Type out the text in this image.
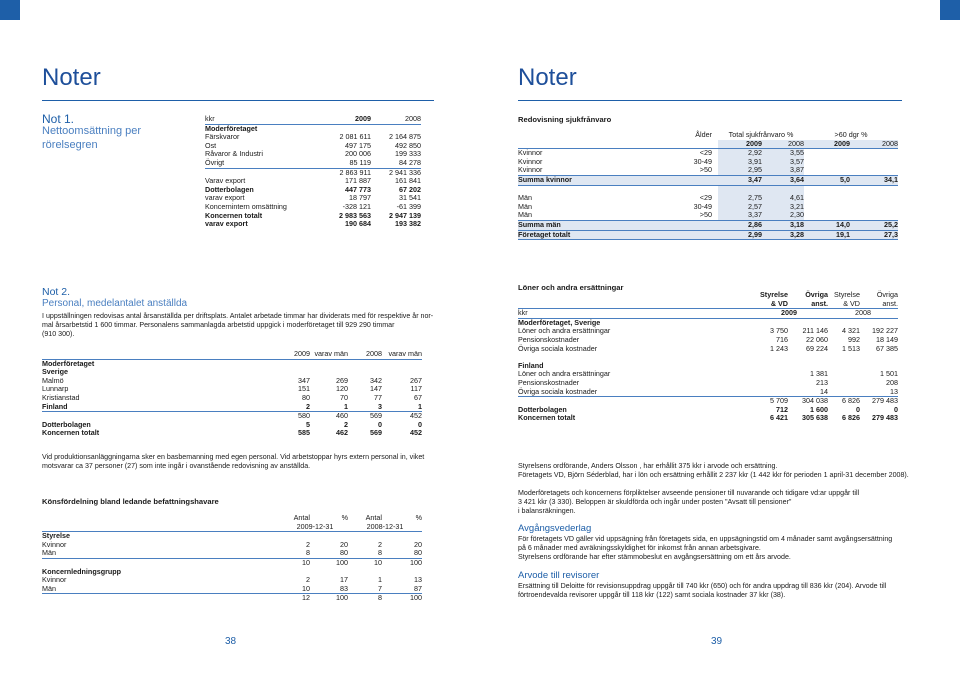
Noter	Noter
Not 1.
Nettoomsättning per
rörelsegren
kkr	2009	2008
Moderföretaget		
Färskvaror	2 081 611	2 164 875
Ost	497 175	492 850
Råvaror & Industri	200 006	199 333
Övrigt	85 119	84 278
	2 863 911	2 941 336
Varav export	171 887	161 841
Dotterbolagen	447 773	67 202
varav export	18 797	31 541
Koncernintern omsättning	-328 121	-61 399
Koncernen totalt	2 983 563	2 947 139
varav export	190 684	193 382
Redovisning sjukfrånvaro
	Ålder	Total sjukfrånvaro %		>60 dgr %	
		2009	2008	2009	2008
Kvinnor	<29	2,92	3,55		
Kvinnor	30-49	3,91	3,57		
Kvinnor	>50	2,95	3,87		
Summa kvinnor		3,47	3,64	5,0	34,1

Män	<29	2,75	4,61		
Män	30-49	2,57	3,21		
Män	>50	3,37	2,30		
Summa män		2,86	3,18	14,0	25,2
Företaget totalt		2,99	3,28	19,1	27,3
Not 2.
Personal, medelantalet anställda
I uppställningen redovisas antal årsanställda per driftsplats. Antalet arbetade timmar har dividerats med för respektive år nor-
mal årsarbetstid 1 600 timmar. Personalens sammanlagda arbetstid uppgick i moderföretaget till 929 290 timmar
(910 300).
	2009	varav män	2008	varav män
Moderföretaget				
Sverige				
Malmö	347	269	342	267
Lunnarp	151	120	147	117
Kristianstad	80	70	77	67
Finland	2	1	3	1
	580	460	569	452
Dotterbolagen	5	2	0	0
Koncernen totalt	585	462	569	452
Vid produktionsanläggningarna sker en basbemanning med egen personal. Vid arbetstoppar hyrs extern personal in, viket
motsvarar ca 37 personer (27) som inte ingår i ovanstående redovisning av anställda.
Könsfördelning bland ledande befattningshavare
	Antal	%	Antal	%
	2009-12-31		2008-12-31	
Styrelse				
Kvinnor	2	20	2	20
Män	8	80	8	80
	10	100	10	100
Koncernledningsgrupp				
Kvinnor	2	17	1	13
Män	10	83	7	87
	12	100	8	100
Löner och andra ersättningar
	Styrelse	Övriga	Styrelse	Övriga
	& VD	anst.	& VD	anst.
kkr	2009		2008	
Moderföretaget, Sverige				
Löner och andra ersättningar	3 750	211 146	4 321	192 227
Pensionskostnader	716	22 060	992	18 149
Övriga sociala kostnader	1 243	69 224	1 513	67 385

Finland				
Löner och andra ersättningar		1 381		1 501
Pensionskostnader		213		208
Övriga sociala kostnader		14		13
	5 709	304 038	6 826	279 483
Dotterbolagen	712	1 600	0	0
Koncernen totalt	6 421	305 638	6 826	279 483
Styrelsens ordförande, Anders Olsson , har erhållit 375 kkr i arvode och ersättning.
Företagets VD, Björn Séderblad, har i lön och ersättning erhållit 2 237 kkr (1 442 kkr för perioden 1 april-31 december 2008).
Moderföretagets och koncernens förpliktelser avseende pensioner till nuvarande och tidigare vd:ar uppgår till
3 421 kkr (3 330). Beloppen är skuldförda och ingår under posten "Avsatt till pensioner"
i balansräkningen.
Avgångsvederlag
För företagets VD gäller vid uppsägning från företagets sida, en uppsägningstid om 4 månader samt avgångsersättning
på 6 månader med avräkningsskyldighet för inkomst från annan arbetsgivare.
Styrelsens ordförande har efter stämmobeslut en avgångsersättning om ett års arvode.
Arvode till revisorer
Ersättning till Deloitte för revisionsuppdrag uppgår till 740 kkr (650) och för andra uppdrag till 836 kkr (204). Arvode till
förtroendevalda revisorer uppgår till 118 kkr (122) samt sociala kostnader 37 kkr (38).
38	39
